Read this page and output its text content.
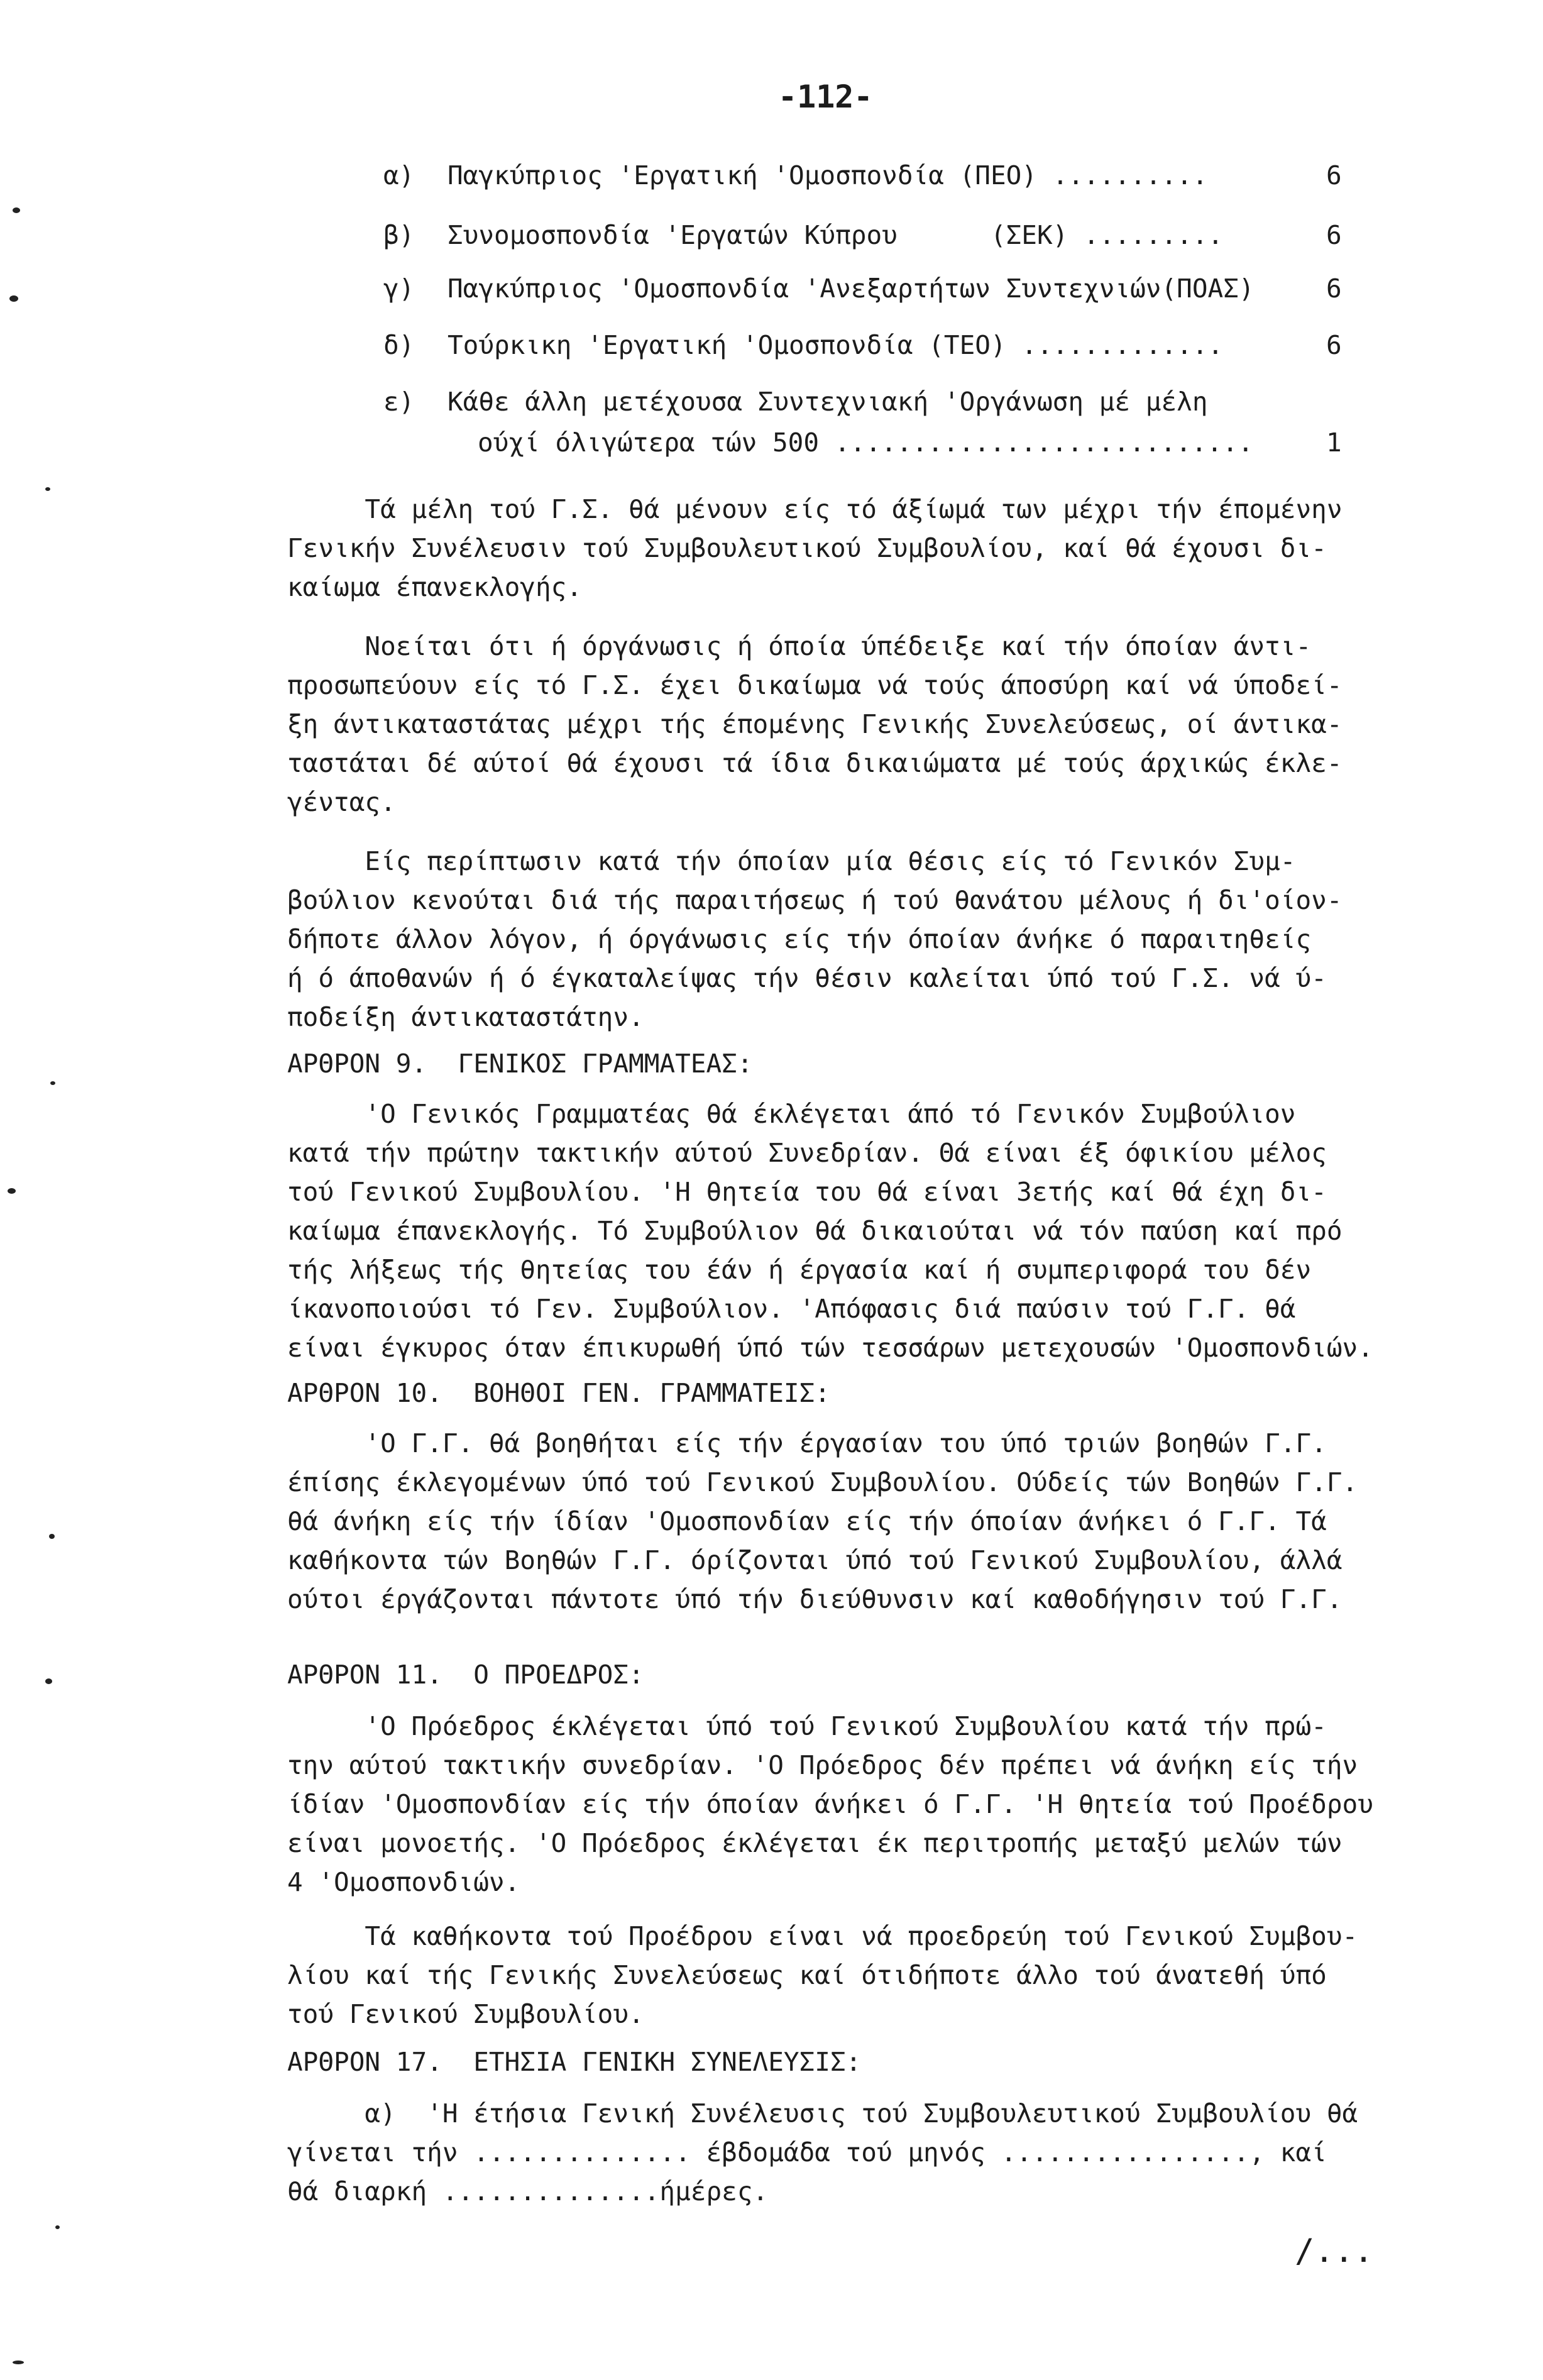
-112-
α) Παγκύπριος 'Εργατική 'Ομοσπονδία (ΠΕΟ) ..........	6
β) Συνομοσπονδία 'Εργατών Κύπρου      (ΣΕΚ) .........	6
γ) Παγκύπριος 'Ομοσπονδία 'Ανεξαρτήτων Συντεχνιών(ΠΟΑΣ)	6
δ) Τούρκικη 'Εργατική 'Ομοσπονδία (ΤΕΟ) .............	6
ε) Κάθε άλλη μετέχουσα Συντεχνιακή 'Οργάνωση μέ μέλη
ούχί όλιγώτερα τών 500 ...........................	1
Τά μέλη τού Γ.Σ. θά μένουν είς τό άξίωμά των μέχρι τήν έπομένην
Γενικήν Συνέλευσιν τού Συμβουλευτικού Συμβουλίου, καί θά έχουσι δι-
καίωμα έπανεκλογής.
Νοείται ότι ή όργάνωσις ή όποία ύπέδειξε καί τήν όποίαν άντι-
προσωπεύουν είς τό Γ.Σ. έχει δικαίωμα νά τούς άποσύρη καί νά ύποδεί-
ξη άντικαταστάτας μέχρι τής έπομένης Γενικής Συνελεύσεως, οί άντικα-
ταστάται δέ αύτοί θά έχουσι τά ίδια δικαιώματα μέ τούς άρχικώς έκλε-
γέντας.
Είς περίπτωσιν κατά τήν όποίαν μία θέσις είς τό Γενικόν Συμ-
βούλιον κενούται διά τής παραιτήσεως ή τού θανάτου μέλους ή δι'οίον-
δήποτε άλλον λόγον, ή όργάνωσις είς τήν όποίαν άνήκε ό παραιτηθείς
ή ό άποθανών ή ό έγκαταλείψας τήν θέσιν καλείται ύπό τού Γ.Σ. νά ύ-
ποδείξη άντικαταστάτην.
ΑΡΘΡΟΝ 9.  ΓΕΝΙΚΟΣ ΓΡΑΜΜΑΤΕΑΣ:
'Ο Γενικός Γραμματέας θά έκλέγεται άπό τό Γενικόν Συμβούλιον
κατά τήν πρώτην τακτικήν αύτού Συνεδρίαν. Θά είναι έξ όφικίου μέλος
τού Γενικού Συμβουλίου. 'Η θητεία του θά είναι 3ετής καί θά έχη δι-
καίωμα έπανεκλογής. Τό Συμβούλιον θά δικαιούται νά τόν παύση καί πρό
τής λήξεως τής θητείας του έάν ή έργασία καί ή συμπεριφορά του δέν
ίκανοποιούσι τό Γεν. Συμβούλιον. 'Απόφασις διά παύσιν τού Γ.Γ. θά
είναι έγκυρος όταν έπικυρωθή ύπό τών τεσσάρων μετεχουσών 'Ομοσπονδιών.
ΑΡΘΡΟΝ 10.  ΒΟΗΘΟΙ ΓΕΝ. ΓΡΑΜΜΑΤΕΙΣ:
'Ο Γ.Γ. θά βοηθήται είς τήν έργασίαν του ύπό τριών βοηθών Γ.Γ.
έπίσης έκλεγομένων ύπό τού Γενικού Συμβουλίου. Ούδείς τών Βοηθών Γ.Γ.
θά άνήκη είς τήν ίδίαν 'Ομοσπονδίαν είς τήν όποίαν άνήκει ό Γ.Γ. Τά
καθήκοντα τών Βοηθών Γ.Γ. όρίζονται ύπό τού Γενικού Συμβουλίου, άλλά
ούτοι έργάζονται πάντοτε ύπό τήν διεύθυνσιν καί καθοδήγησιν τού Γ.Γ.
ΑΡΘΡΟΝ 11.  Ο ΠΡΟΕΔΡΟΣ:
'Ο Πρόεδρος έκλέγεται ύπό τού Γενικού Συμβουλίου κατά τήν πρώ-
την αύτού τακτικήν συνεδρίαν. 'Ο Πρόεδρος δέν πρέπει νά άνήκη είς τήν
ίδίαν 'Ομοσπονδίαν είς τήν όποίαν άνήκει ό Γ.Γ. 'Η θητεία τού Προέδρου
είναι μονοετής. 'Ο Πρόεδρος έκλέγεται έκ περιτροπής μεταξύ μελών τών
4 'Ομοσπονδιών.
Τά καθήκοντα τού Προέδρου είναι νά προεδρεύη τού Γενικού Συμβου-
λίου καί τής Γενικής Συνελεύσεως καί ότιδήποτε άλλο τού άνατεθή ύπό
τού Γενικού Συμβουλίου.
ΑΡΘΡΟΝ 17.  ΕΤΗΣΙΑ ΓΕΝΙΚΗ ΣΥΝΕΛΕΥΣΙΣ:
α)  'Η έτήσια Γενική Συνέλευσις τού Συμβουλευτικού Συμβουλίου θά
γίνεται τήν .............. έβδομάδα τού μηνός ................, καί
θά διαρκή ..............ήμέρες.
/...
